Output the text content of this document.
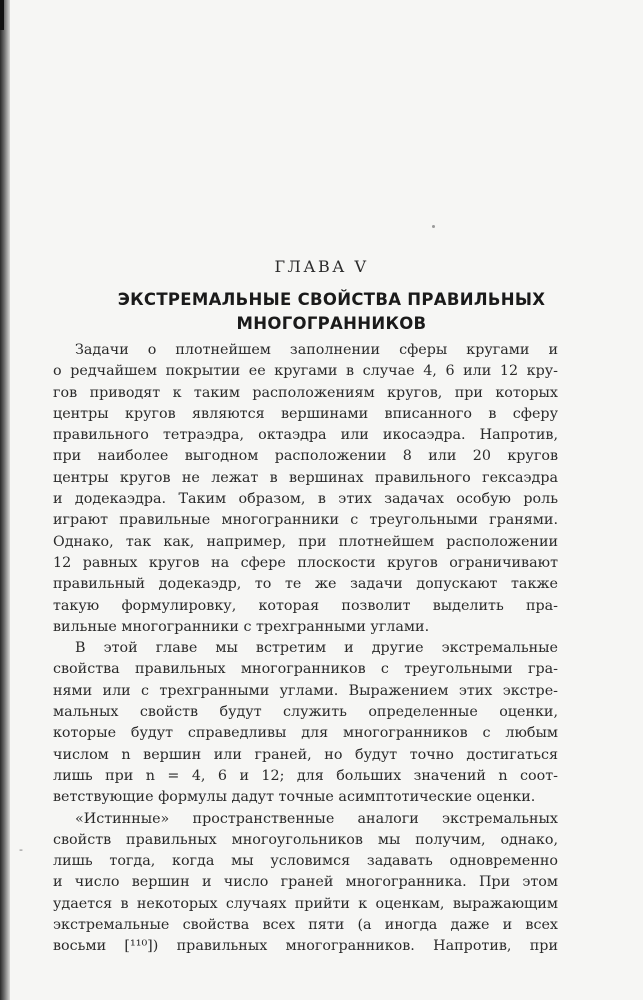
ГЛАВА V
ЭКСТРЕМАЛЬНЫЕ СВОЙСТВА ПРАВИЛЬНЫХ
МНОГОГРАННИКОВ
Задачи о плотнейшем заполнении сферы кругами и
о редчайшем покрытии ее кругами в случае 4, 6 или 12 кру-
гов приводят к таким расположениям кругов, при которых
центры кругов являются вершинами вписанного в сферу
правильного тетраэдра, октаэдра или икосаэдра. Напротив,
при наиболее выгодном расположении 8 или 20 кругов
центры кругов не лежат в вершинах правильного гексаэдра
и додекаэдра. Таким образом, в этих задачах особую роль
играют правильные многогранники с треугольными гранями.
Однако, так как, например, при плотнейшем расположении
12 равных кругов на сфере плоскости кругов ограничивают
правильный додекаэдр, то те же задачи допускают также
такую формулировку, которая позволит выделить пра-
вильные многогранники с трехгранными углами.
В этой главе мы встретим и другие экстремальные
свойства правильных многогранников с треугольными гра-
нями или с трехгранными углами. Выражением этих экстре-
мальных свойств будут служить определенные оценки,
которые будут справедливы для многогранников с любым
числом n вершин или граней, но будут точно достигаться
лишь при n = 4, 6 и 12; для больших значений n соот-
ветствующие формулы дадут точные асимптотические оценки.
«Истинные» пространственные аналоги экстремальных
свойств правильных многоугольников мы получим, однако,
лишь тогда, когда мы условимся задавать одновременно
и число вершин и число граней многогранника. При этом
удается в некоторых случаях прийти к оценкам, выражающим
экстремальные свойства всех пяти (а иногда даже и всех
восьми [¹¹⁰]) правильных многогранников. Напротив, при
-
